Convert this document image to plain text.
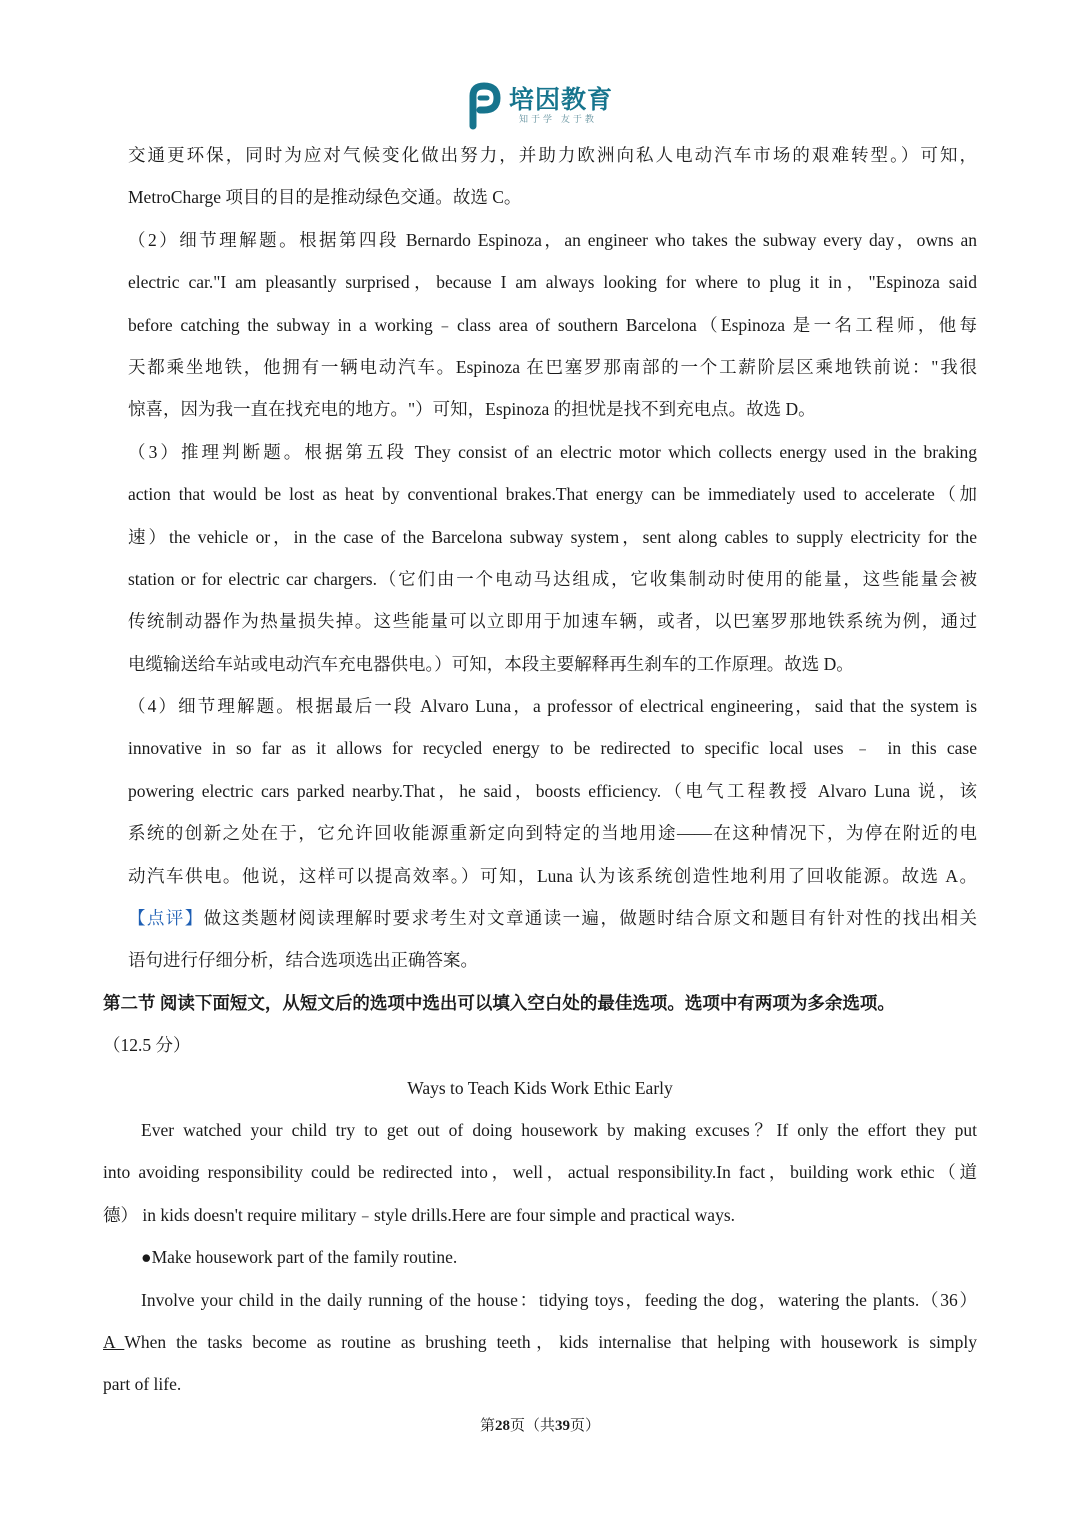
培因教育
知于学 友于教
交通更环保，同时为应对气候变化做出努力，并助力欧洲向私人电动汽车市场的艰难转型。）可知，
MetroCharge 项目的目的是推动绿色交通。故选 C。
（2）细节理解题。根据第四段 Bernardo Espinoza，an engineer who takes the subway every day，owns an
electric car."I am pleasantly surprised，because I am always looking for where to plug it in，"Espinoza said
before catching the subway in a working﹣class area of southern Barcelona（Espinoza 是一名工程师，他每
天都乘坐地铁，他拥有一辆电动汽车。Espinoza 在巴塞罗那南部的一个工薪阶层区乘地铁前说："我很
惊喜，因为我一直在找充电的地方。"）可知，Espinoza 的担忧是找不到充电点。故选 D。
（3）推理判断题。根据第五段 They consist of an electric motor which collects energy used in the braking
action that would be lost as heat by conventional brakes.That energy can be immediately used to accelerate（加
速）the vehicle or，in the case of the Barcelona subway system，sent along cables to supply electricity for the
station or for electric car chargers.（它们由一个电动马达组成，它收集制动时使用的能量，这些能量会被
传统制动器作为热量损失掉。这些能量可以立即用于加速车辆，或者，以巴塞罗那地铁系统为例，通过
电缆输送给车站或电动汽车充电器供电。）可知，本段主要解释再生刹车的工作原理。故选 D。
（4）细节理解题。根据最后一段 Alvaro Luna，a professor of electrical engineering，said that the system is
innovative in so far as it allows for recycled energy to be redirected to specific local uses ﹣ in this case
powering electric cars parked nearby.That，he said，boosts efficiency.（电气工程教授 Alvaro Luna 说，该
系统的创新之处在于，它允许回收能源重新定向到特定的当地用途——在这种情况下，为停在附近的电
动汽车供电。他说，这样可以提高效率。）可知，Luna 认为该系统创造性地利用了回收能源。故选 A。
【点评】做这类题材阅读理解时要求考生对文章通读一遍，做题时结合原文和题目有针对性的找出相关
语句进行仔细分析，结合选项选出正确答案。
第二节 阅读下面短文，从短文后的选项中选出可以填入空白处的最佳选项。选项中有两项为多余选项。
（12.5 分）
Ways to Teach Kids Work Ethic Early
Ever watched your child try to get out of doing housework by making excuses？If only the effort they put
into avoiding responsibility could be redirected into，well，actual responsibility.In fact，building work ethic（道
德） in kids doesn't require military﹣style drills.Here are four simple and practical ways.
●Make housework part of the family routine.
Involve your child in the daily running of the house：tidying toys，feeding the dog，watering the plants.（36）
A When the tasks become as routine as brushing teeth，kids internalise that helping with housework is simply
part of life.
第28页（共39页）
